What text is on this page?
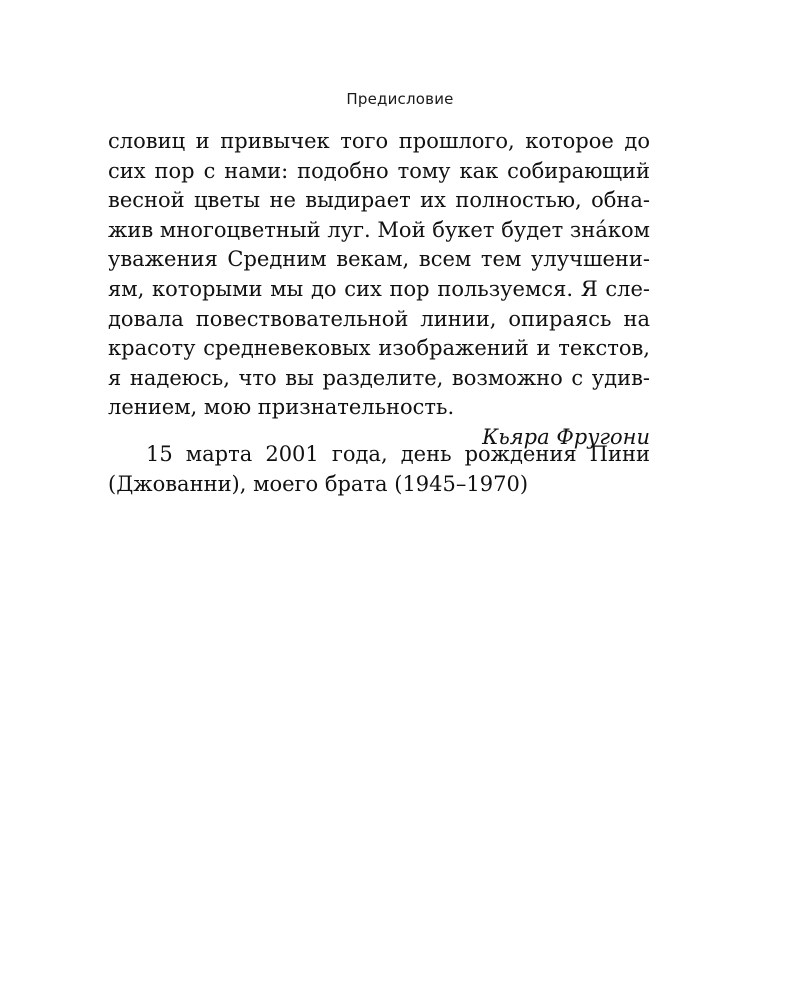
Предисловие
словиц и привычек того прошлого, которое до
сих пор с нами: подобно тому как собирающий
весной цветы не выдирает их полностью, обна-
жив многоцветный луг. Мой букет будет зна́ком
уважения Средним векам, всем тем улучшени-
ям, которыми мы до сих пор пользуемся. Я сле-
довала повествовательной линии, опираясь на
красоту средневековых изображений и текстов,
я надеюсь, что вы разделите, возможно с удив-
лением, мою признательность.
Кьяра Фругони
15 марта 2001 года, день рождения Пини
(Джованни), моего брата (1945–1970)
